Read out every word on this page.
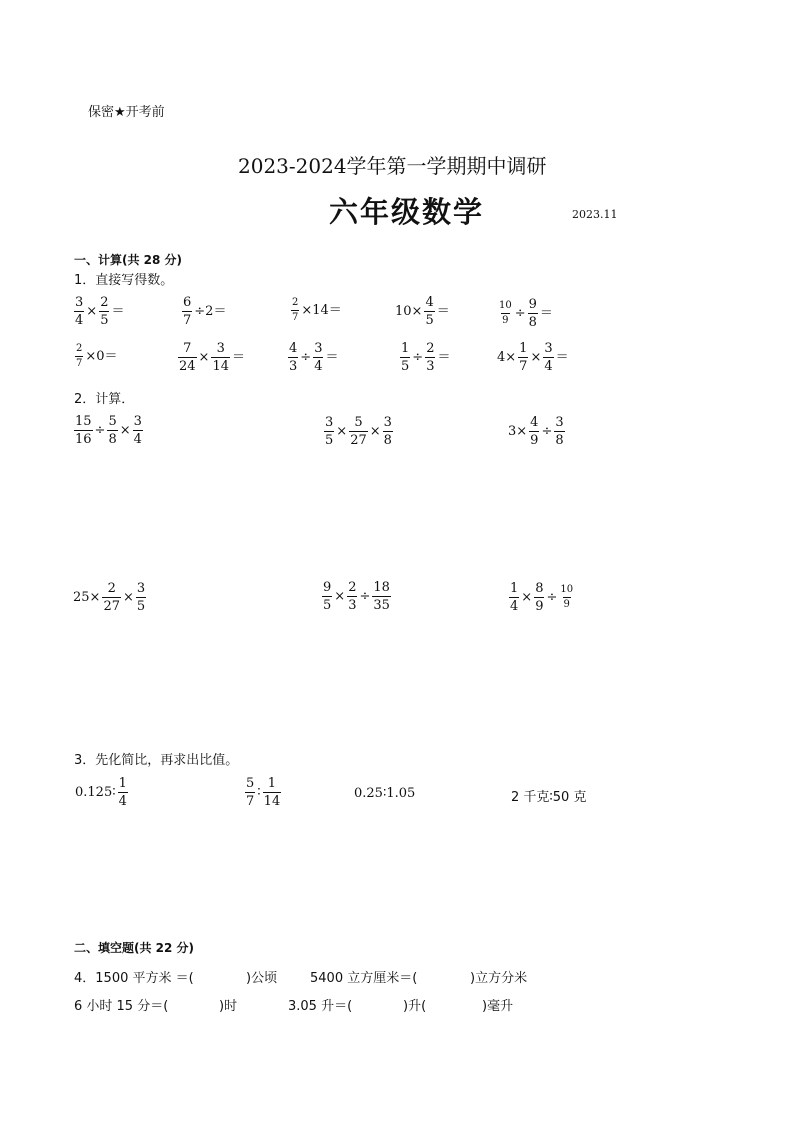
保密★开考前
2023-2024学年第一学期期中调研
六年级数学	2023.11
一、计算(共 28 分)
1．直接写得数。
$\frac{3}{4} \times \frac{2}{5}$ ＝	$\frac{6}{7} \div 2=$	$\frac{2}{7} \times 14=$	$10\times \frac{4}{5}$ ＝	$\frac{10}{9} \div \frac{9}{8}$ ＝
$\frac{2}{7} \times 0=$	$\frac{7}{24} \times \frac{3}{14}$ ＝	$\frac{4}{3} \div \frac{3}{4}$ ＝	$\frac{1}{5} \div \frac{2}{3}$ ＝	$4\times \frac{1}{7} \times \frac{3}{4}$ ＝
2．计算．
$\frac{15}{16} \div \frac{5}{8} \times \frac{3}{4}$	$\frac{3}{5} \times \frac{5}{27} \times \frac{3}{8}$	$3\times \frac{4}{9} \div \frac{3}{8}$
$25\times \frac{2}{27} \times \frac{3}{5}$	$\frac{9}{5} \times \frac{2}{3} \div \frac{18}{35}$	$\frac{1}{4} \times \frac{8}{9} \div \frac{10}{9}$
3．先化简比，再求出比值。
0.125∶ $\frac{1}{4}$	$\frac{5}{7}$ ∶ $\frac{1}{14}$	0.25∶1.05	2 千克∶50 克
二、填空题(共 22 分)
4．1500 平方米 ＝(	)公顷	5400 立方厘米＝(	)立方分米
6 小时 15 分＝(	)时	3.05 升＝(	)升(	)毫升
